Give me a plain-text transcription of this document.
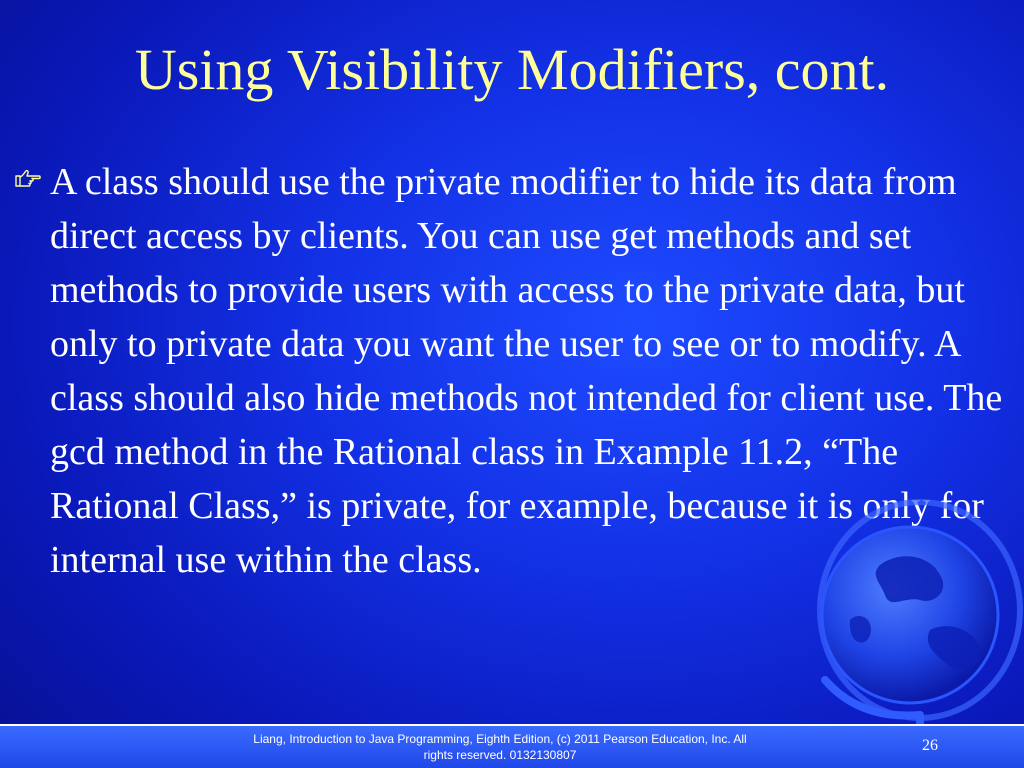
Using Visibility Modifiers, cont.

A class should use the private modifier to hide its data from direct access by clients. You can use get methods and set methods to provide users with access to the private data, but only to private data you want the user to see or to modify. A class should also hide methods not intended for client use. The gcd method in the Rational class in Example 11.2, “The Rational Class,” is private, for example, because it is only for internal use within the class.

Liang, Introduction to Java Programming, Eighth Edition, (c) 2011 Pearson Education, Inc. All
rights reserved. 0132130807
26
